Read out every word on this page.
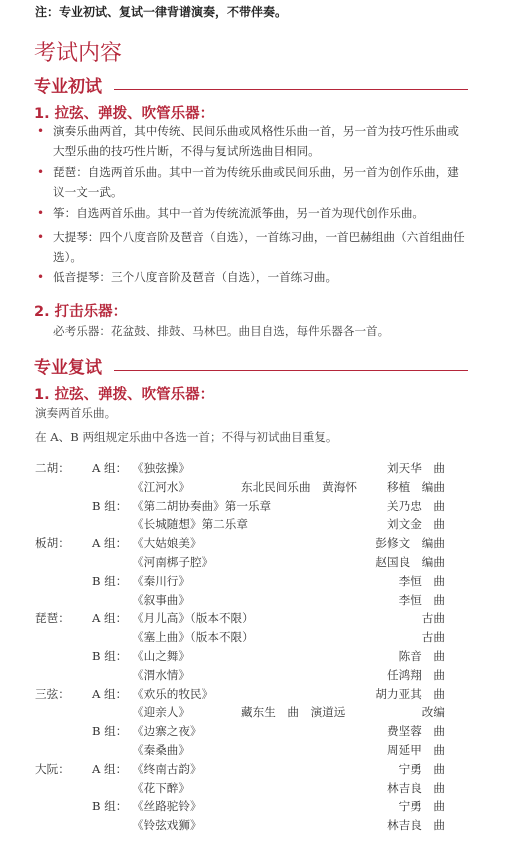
注：专业初试、复试一律背谱演奏，不带伴奏。
考试内容
专业初试
1. 拉弦、弹拨、吹管乐器：
• 演奏乐曲两首，其中传统、民间乐曲或风格性乐曲一首，另一首为技巧性乐曲或大型乐曲的技巧性片断，不得与复试所选曲目相同。
• 琵琶：自选两首乐曲。其中一首为传统乐曲或民间乐曲，另一首为创作乐曲，建议一文一武。
• 筝：自选两首乐曲。其中一首为传统流派筝曲，另一首为现代创作乐曲。
• 大提琴：四个八度音阶及琶音（自选），一首练习曲，一首巴赫组曲（六首组曲任选）。
• 低音提琴：三个八度音阶及琶音（自选），一首练习曲。
2. 打击乐器：
必考乐器：花盆鼓、排鼓、马林巴。曲目自选，每件乐器各一首。
专业复试
1. 拉弦、弹拨、吹管乐器：
演奏两首乐曲。
在 A、B 两组规定乐曲中各选一首；不得与初试曲目重复。
二胡： A 组： 《独弦操》	刘天华　曲
《江河水》	东北民间乐曲　黄海怀	移植　编曲
B 组： 《第二胡协奏曲》第一乐章	关乃忠　曲
《长城随想》第二乐章	刘文金　曲
板胡： A 组： 《大姑娘美》	彭修文　编曲
《河南梆子腔》	赵国良　编曲
B 组： 《秦川行》	李恒　曲
《叙事曲》	李恒　曲
琵琶： A 组： 《月儿高》（版本不限）	古曲
《塞上曲》（版本不限）	古曲
B 组： 《山之舞》	陈音　曲
《渭水情》	任鸿翔　曲
三弦： A 组： 《欢乐的牧民》	胡力亚其　曲
《迎亲人》	藏东生　曲　演道远	改编
B 组： 《边寨之夜》	费坚蓉　曲
《秦桑曲》	周延甲　曲
大阮： A 组： 《终南古韵》	宁勇　曲
《花下醉》	林吉良　曲
B 组： 《丝路驼铃》	宁勇　曲
《铃弦戏狮》	林吉良　曲
